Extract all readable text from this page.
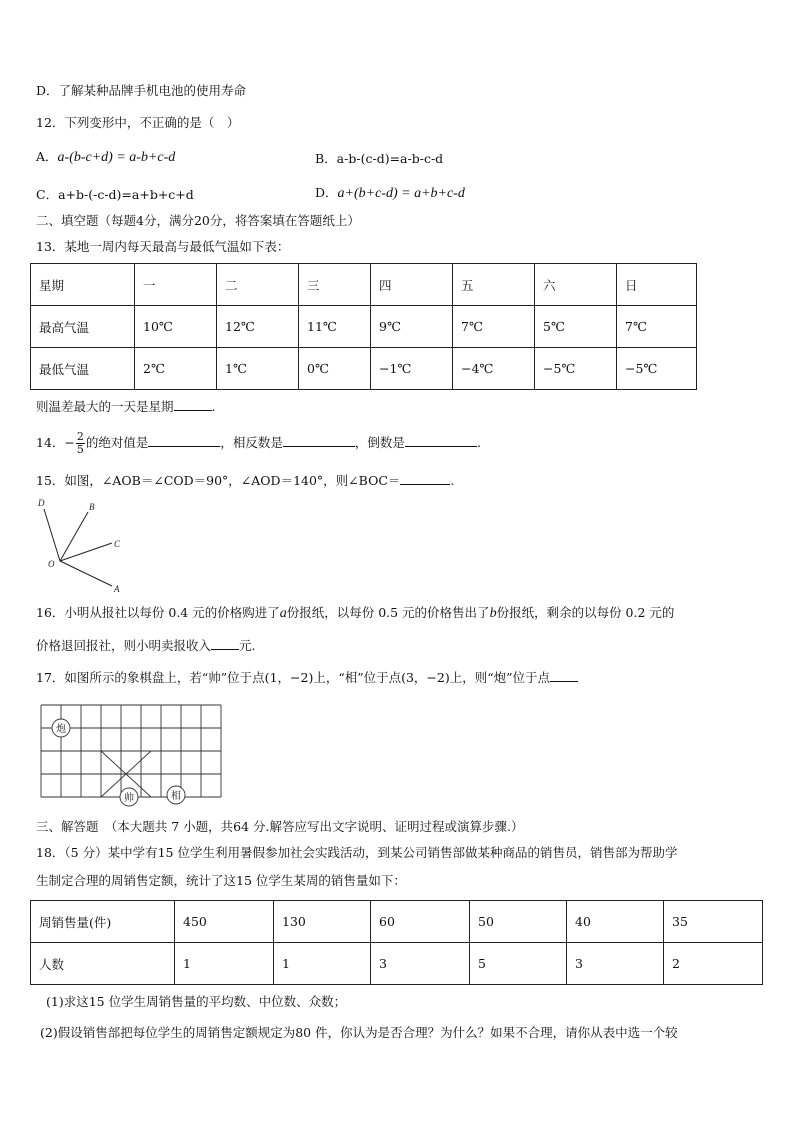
D．了解某种品牌手机电池的使用寿命
12．下列变形中，不正确的是（　）
A．a-(b-c+d) = a-b+c-d	B．a-b-(c-d)=a-b-c-d
C．a+b-(-c-d)=a+b+c+d	D．a+(b+c-d) = a+b+c-d
二、填空题（每题4分，满分20分，将答案填在答题纸上）
13．某地一周内每天最高与最低气温如下表：
星期	一	二	三	四	五	六	日
最高气温	10℃	12℃	11℃	9℃	7℃	5℃	7℃
最低气温	2℃	1℃	0℃	−1℃	−4℃	−5℃	−5℃
则温差最大的一天是星期	.
14．− $\frac{2}{5}$ 的绝对值是	，相反数是	，倒数是	.
15．如图，∠AOB＝∠COD＝90°，∠AOD＝140°，则∠BOC＝	.
D	B
C
O
A
16．小明从报社以每份 0.4 元的价格购进了a份报纸，以每份 0.5 元的价格售出了b份报纸，剩余的以每份 0.2 元的
价格退回报社，则小明卖报收入 元.
17．如图所示的象棋盘上，若“帅”位于点(1，−2)上，“相”位于点(3，−2)上，则“炮”位于点
炮
帅	相
三、解答题　（本大题共 7 小题，共64 分.解答应写出文字说明、证明过程或演算步骤.）
18．（5 分）某中学有15 位学生利用暑假参加社会实践活动，到某公司销售部做某种商品的销售员，销售部为帮助学
生制定合理的周销售定额，统计了这15 位学生某周的销售量如下：
周销售量(件)	450	130	60	50	40	35
人数	1	1	3	5	3	2
(1)求这15 位学生周销售量的平均数、中位数、众数；
(2)假设销售部把每位学生的周销售定额规定为80 件，你认为是否合理？为什么？如果不合理，请你从表中选一个较
